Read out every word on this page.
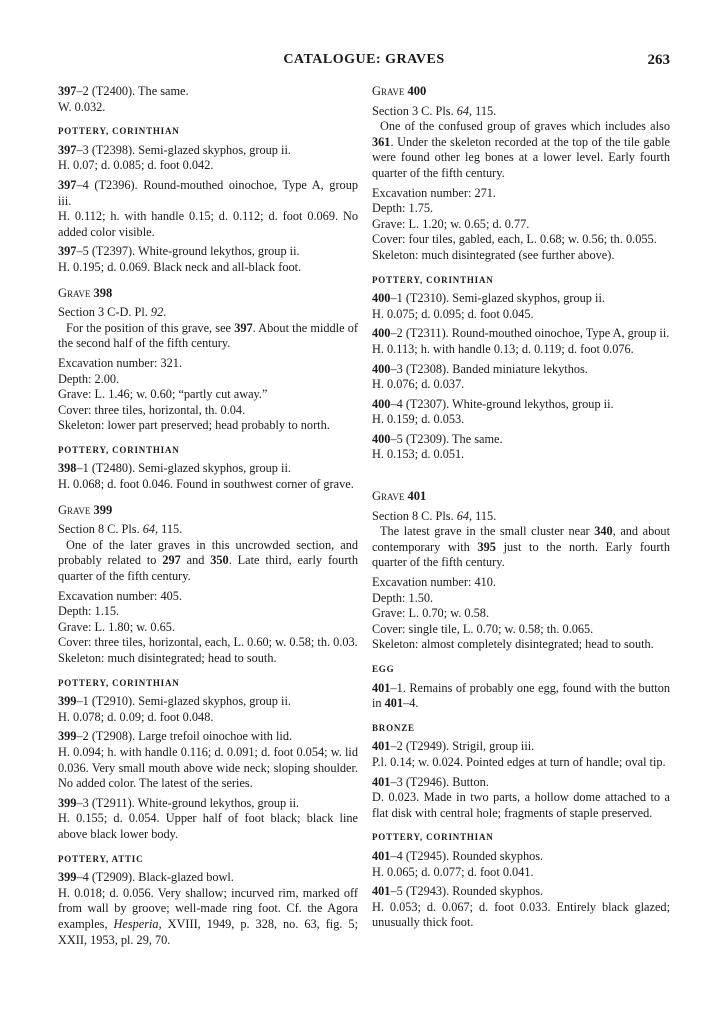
CATALOGUE: GRAVES	263

397–2 (T2400). The same.

W. 0.032.

POTTERY, CORINTHIAN

397–3 (T2398). Semi-glazed skyphos, group ii.

H. 0.07; d. 0.085; d. foot 0.042.

397–4 (T2396). Round-mouthed oinochoe, Type A, group iii.

H. 0.112; h. with handle 0.15; d. 0.112; d. foot 0.069. No added color visible.

397–5 (T2397). White-ground lekythos, group ii.

H. 0.195; d. 0.069. Black neck and all-black foot.

Grave 398

Section 3 C-D. Pl. 92.

For the position of this grave, see 397. About the middle of the second half of the fifth century.

Excavation number: 321.

Depth: 2.00.

Grave: L. 1.46; w. 0.60; “partly cut away.”

Cover: three tiles, horizontal, th. 0.04.

Skeleton: lower part preserved; head probably to north.

POTTERY, CORINTHIAN

398–1 (T2480). Semi-glazed skyphos, group ii.

H. 0.068; d. foot 0.046. Found in southwest corner of grave.

Grave 399

Section 8 C. Pls. 64, 115.

One of the later graves in this uncrowded section, and probably related to 297 and 350. Late third, early fourth quarter of the fifth century.

Excavation number: 405.

Depth: 1.15.

Grave: L. 1.80; w. 0.65.

Cover: three tiles, horizontal, each, L. 0.60; w. 0.58; th. 0.03.

Skeleton: much disintegrated; head to south.

POTTERY, CORINTHIAN

399–1 (T2910). Semi-glazed skyphos, group ii.

H. 0.078; d. 0.09; d. foot 0.048.

399–2 (T2908). Large trefoil oinochoe with lid.

H. 0.094; h. with handle 0.116; d. 0.091; d. foot 0.054; w. lid 0.036. Very small mouth above wide neck; sloping shoulder. No added color. The latest of the series.

399–3 (T2911). White-ground lekythos, group ii.

H. 0.155; d. 0.054. Upper half of foot black; black line above black lower body.

POTTERY, ATTIC

399–4 (T2909). Black-glazed bowl.

H. 0.018; d. 0.056. Very shallow; incurved rim, marked off from wall by groove; well-made ring foot. Cf. the Agora examples, Hesperia, XVIII, 1949, p. 328, no. 63, fig. 5; XXII, 1953, pl. 29, 70.

Grave 400

Section 3 C. Pls. 64, 115.

One of the confused group of graves which includes also 361. Under the skeleton recorded at the top of the tile gable were found other leg bones at a lower level. Early fourth quarter of the fifth century.

Excavation number: 271.

Depth: 1.75.

Grave: L. 1.20; w. 0.65; d. 0.77.

Cover: four tiles, gabled, each, L. 0.68; w. 0.56; th. 0.055.

Skeleton: much disintegrated (see further above).

POTTERY, CORINTHIAN

400–1 (T2310). Semi-glazed skyphos, group ii.

H. 0.075; d. 0.095; d. foot 0.045.

400–2 (T2311). Round-mouthed oinochoe, Type A, group ii.

H. 0.113; h. with handle 0.13; d. 0.119; d. foot 0.076.

400–3 (T2308). Banded miniature lekythos.

H. 0.076; d. 0.037.

400–4 (T2307). White-ground lekythos, group ii.

H. 0.159; d. 0.053.

400–5 (T2309). The same.

H. 0.153; d. 0.051.

Grave 401

Section 8 C. Pls. 64, 115.

The latest grave in the small cluster near 340, and about contemporary with 395 just to the north. Early fourth quarter of the fifth century.

Excavation number: 410.

Depth: 1.50.

Grave: L. 0.70; w. 0.58.

Cover: single tile, L. 0.70; w. 0.58; th. 0.065.

Skeleton: almost completely disintegrated; head to south.

EGG

401–1. Remains of probably one egg, found with the button in 401–4.

BRONZE

401–2 (T2949). Strigil, group iii.

P.l. 0.14; w. 0.024. Pointed edges at turn of handle; oval tip.

401–3 (T2946). Button.

D. 0.023. Made in two parts, a hollow dome attached to a flat disk with central hole; fragments of staple preserved.

POTTERY, CORINTHIAN

401–4 (T2945). Rounded skyphos.

H. 0.065; d. 0.077; d. foot 0.041.

401–5 (T2943). Rounded skyphos.

H. 0.053; d. 0.067; d. foot 0.033. Entirely black glazed; unusually thick foot.
